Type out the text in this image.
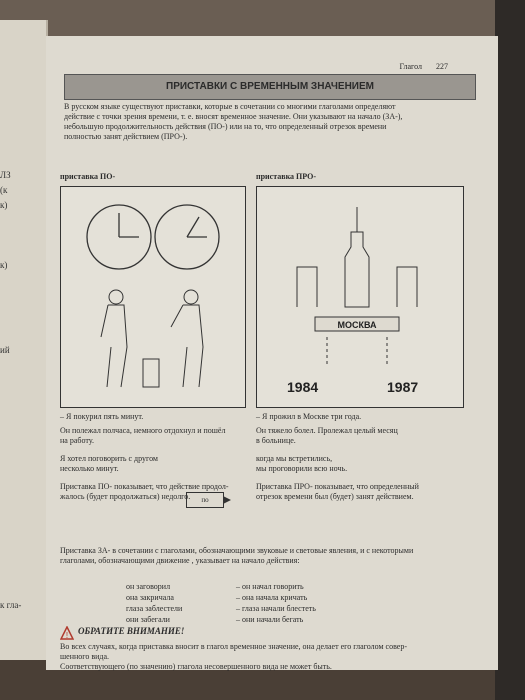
ЛЗ
(к
к)
к)
ий
к гла-
Глагол 227
ПРИСТАВКИ С ВРЕМЕННЫМ ЗНАЧЕНИЕМ
В русском языке существуют приставки, которые в сочетании со многими глаголами определяют
действие с точки зрения времени, т. е. вносят временное значение. Они указывают на начало (ЗА-),
небольшую продолжительность действия (ПО-) или на то, что определенный отрезок времени
полностью занят действием (ПРО-).
приставка ПО-	приставка ПРО-
МОСКВА
1984	1987
– Я покурил пять минут.
Он полежал полчаса, немного отдохнул и пошёл
на работу.
Я хотел поговорить с другом
несколько минут.
Приставка ПО- показывает, что действие продол-
жалось (будет продолжаться) недолго.	по
– Я прожил в Москве три года.
Он тяжело болел. Пролежал целый месяц
в больнице.
когда мы встретились,
мы проговорили всю ночь.
Приставка ПРО- показывает, что определенный
отрезок времени был (будет) занят действием.
Приставка ЗА- в сочетании с глаголами, обозначающими звуковые и световые явления, и с некоторыми
глаголами, обозначающими движение , указывает на начало действия:
он заговорил	– он начал говорить
она закричала	– она начала кричать
глаза заблестели	– глаза начали блестеть
они забегали	– они начали бегать
! ОБРАТИТЕ ВНИМАНИЕ!
Во всех случаях, когда приставка вносит в глагол временное значение, она делает его глаголом совер-
шенного вида.
Соответствующего (по значению) глагола несовершенного вида не может быть.
